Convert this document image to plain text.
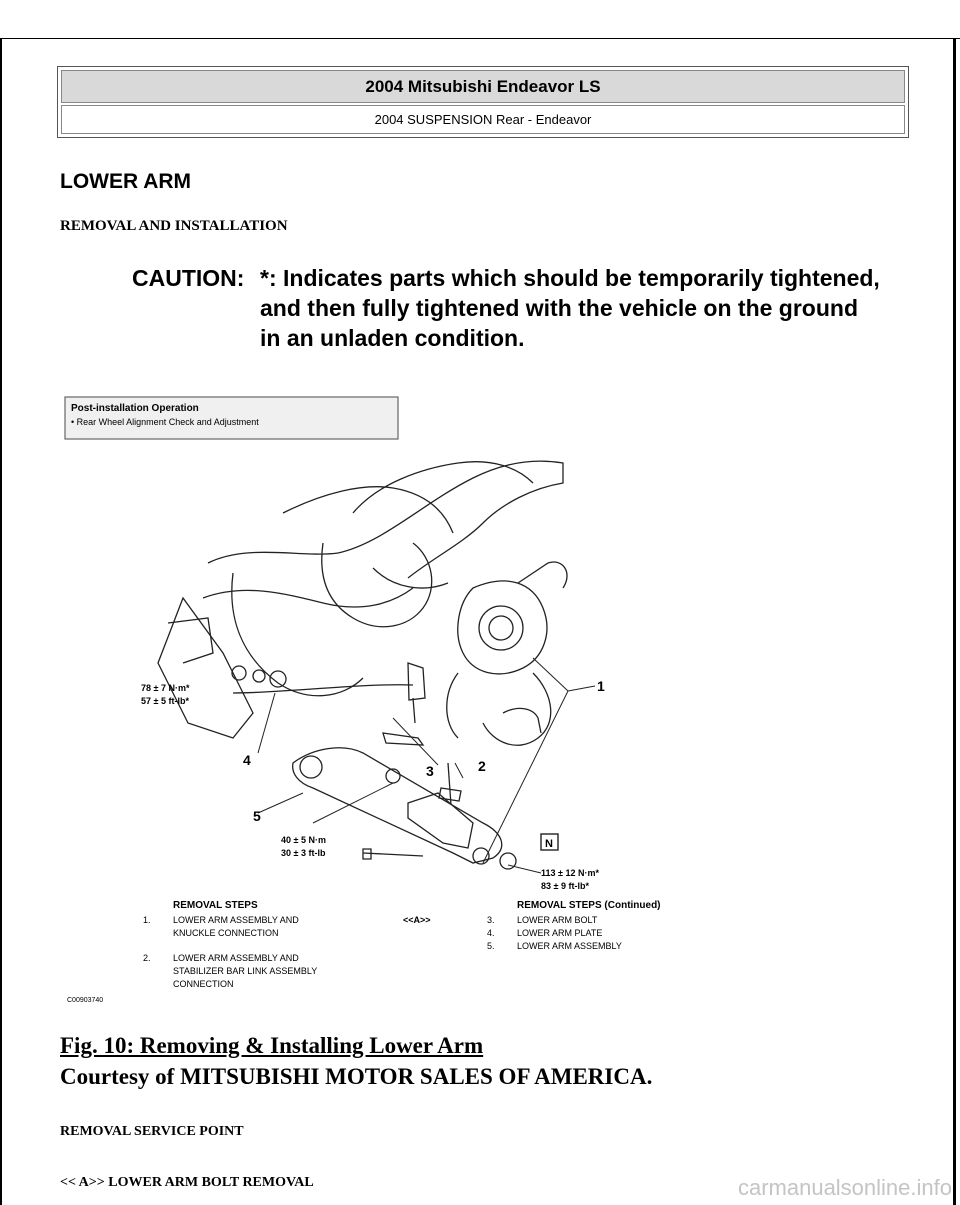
2004 Mitsubishi Endeavor LS
2004 SUSPENSION Rear - Endeavor
LOWER ARM
REMOVAL AND INSTALLATION
CAUTION: *: Indicates parts which should be temporarily tightened, and then fully tightened with the vehicle on the ground in an unladen condition.
Post-installation Operation
• Rear Wheel Alignment Check and Adjustment
1
2
3
4
5
78 ± 7 N·m*
57 ± 5 ft-lb*
40 ± 5 N·m
30 ± 3 ft-lb
113 ± 12 N·m*
83 ± 9 ft-lb*
N
REMOVAL STEPS
1. LOWER ARM ASSEMBLY AND
KNUCKLE CONNECTION
2. LOWER ARM ASSEMBLY AND
STABILIZER BAR LINK ASSEMBLY
CONNECTION
REMOVAL STEPS (Continued)
<<A>>	3. LOWER ARM BOLT
4. LOWER ARM PLATE
5. LOWER ARM ASSEMBLY
C00903740
Fig. 10: Removing & Installing Lower Arm
Courtesy of MITSUBISHI MOTOR SALES OF AMERICA.
REMOVAL SERVICE POINT
<< A>> LOWER ARM BOLT REMOVAL	carmanualsonline.info
